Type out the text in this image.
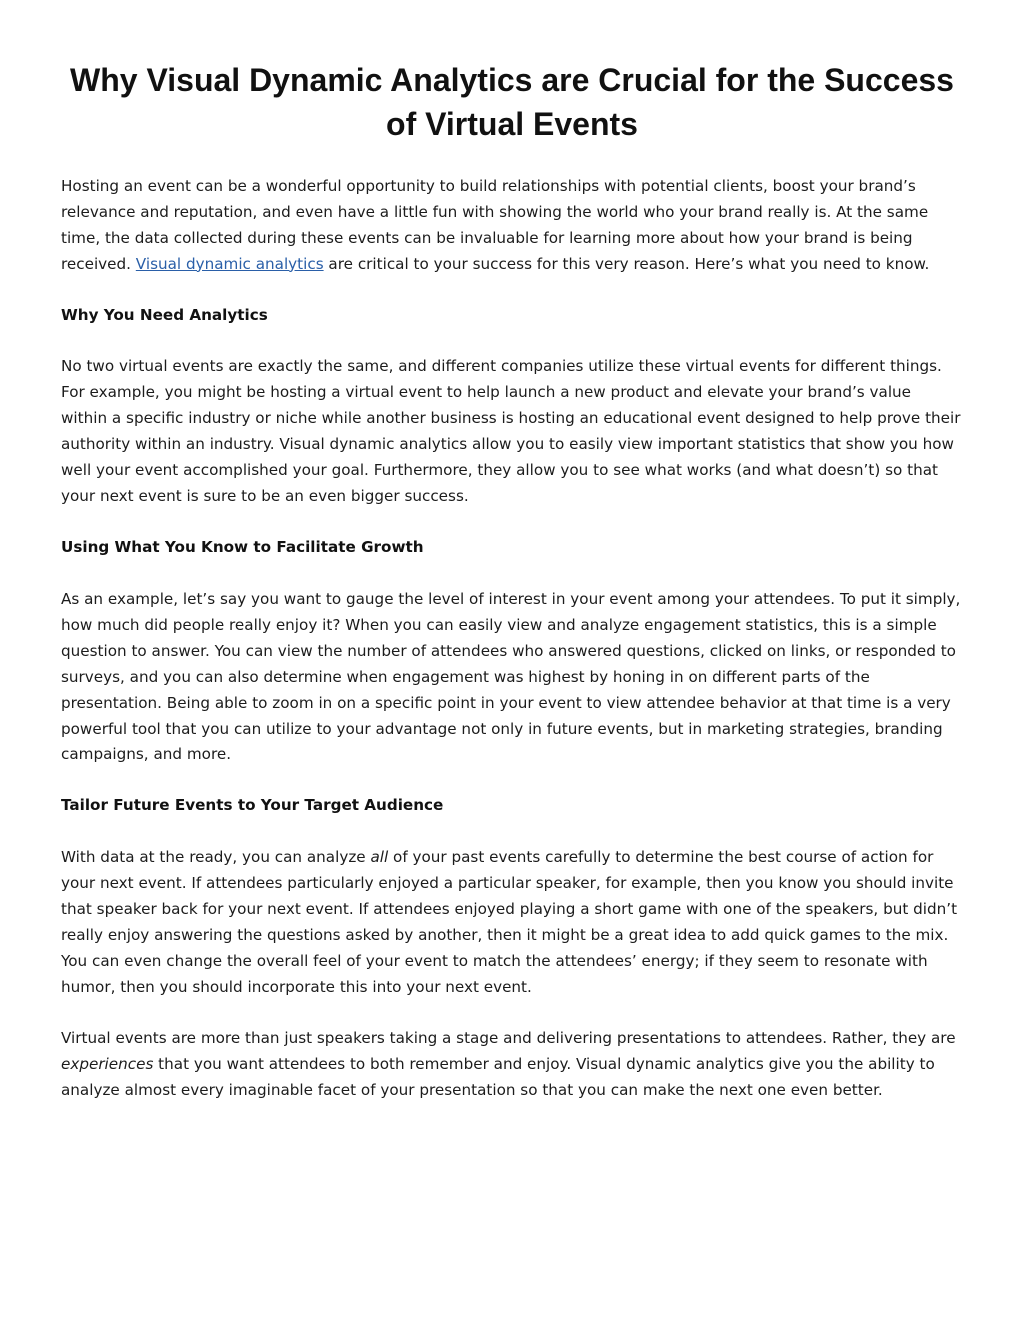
Why Visual Dynamic Analytics are Crucial for the Success of Virtual Events

Hosting an event can be a wonderful opportunity to build relationships with potential clients, boost your brand’s relevance and reputation, and even have a little fun with showing the world who your brand really is. At the same time, the data collected during these events can be invaluable for learning more about how your brand is being received. Visual dynamic analytics are critical to your success for this very reason. Here’s what you need to know.

Why You Need Analytics

No two virtual events are exactly the same, and different companies utilize these virtual events for different things. For example, you might be hosting a virtual event to help launch a new product and elevate your brand’s value within a specific industry or niche while another business is hosting an educational event designed to help prove their authority within an industry. Visual dynamic analytics allow you to easily view important statistics that show you how well your event accomplished your goal. Furthermore, they allow you to see what works (and what doesn’t) so that your next event is sure to be an even bigger success.

Using What You Know to Facilitate Growth

As an example, let’s say you want to gauge the level of interest in your event among your attendees. To put it simply, how much did people really enjoy it? When you can easily view and analyze engagement statistics, this is a simple question to answer. You can view the number of attendees who answered questions, clicked on links, or responded to surveys, and you can also determine when engagement was highest by honing in on different parts of the presentation. Being able to zoom in on a specific point in your event to view attendee behavior at that time is a very powerful tool that you can utilize to your advantage not only in future events, but in marketing strategies, branding campaigns, and more.

Tailor Future Events to Your Target Audience

With data at the ready, you can analyze all of your past events carefully to determine the best course of action for your next event. If attendees particularly enjoyed a particular speaker, for example, then you know you should invite that speaker back for your next event. If attendees enjoyed playing a short game with one of the speakers, but didn’t really enjoy answering the questions asked by another, then it might be a great idea to add quick games to the mix. You can even change the overall feel of your event to match the attendees’ energy; if they seem to resonate with humor, then you should incorporate this into your next event.

Virtual events are more than just speakers taking a stage and delivering presentations to attendees. Rather, they are experiences that you want attendees to both remember and enjoy. Visual dynamic analytics give you the ability to analyze almost every imaginable facet of your presentation so that you can make the next one even better.
